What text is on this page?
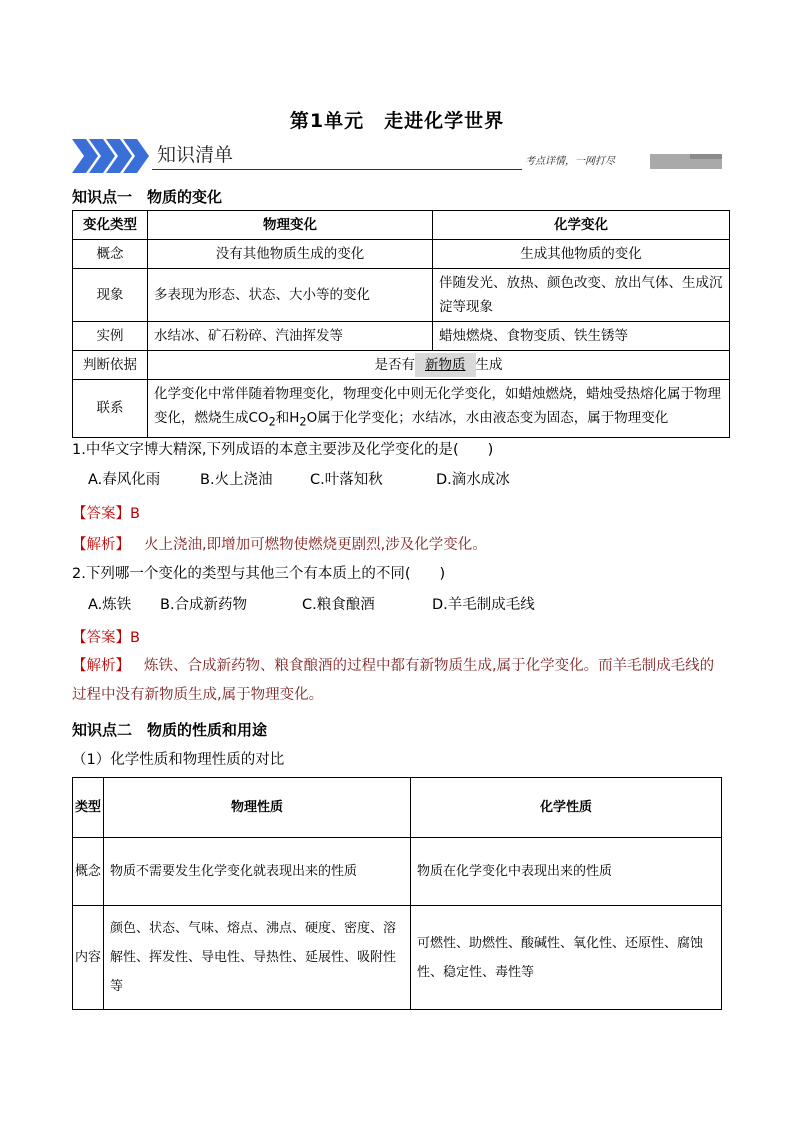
第1单元　走进化学世界
知识清单	考点详情，一网打尽
知识点一　物质的变化
变化类型	物理变化	化学变化
概念	没有其他物质生成的变化	生成其他物质的变化
现象	多表现为形态、状态、大小等的变化	伴随发光、放热、颜色改变、放出气体、生成沉淀等现象
实例	水结冰、矿石粉碎、汽油挥发等	蜡烛燃烧、食物变质、铁生锈等
判断依据	是否有 新物质 生成	
联系	化学变化中常伴随着物理变化，物理变化中则无化学变化，如蜡烛燃烧，蜡烛受热熔化属于物理变化，燃烧生成$CO_2$和$H_2O$属于化学变化；水结冰，水由液态变为固态，属于物理变化	
1.中华文字博大精深,下列成语的本意主要涉及化学变化的是(　　)
A.春风化雨	B.火上浇油	C.叶落知秋	D.滴水成冰
【答案】B
【解析】 火上浇油,即增加可燃物使燃烧更剧烈,涉及化学变化。
2.下列哪一个变化的类型与其他三个有本质上的不同(　　)
A.炼铁 B.合成新药物	C.粮食酿酒	D.羊毛制成毛线
【答案】B
【解析】 炼铁、合成新药物、粮食酿酒的过程中都有新物质生成,属于化学变化。而羊毛制成毛线的过程中没有新物质生成,属于物理变化。
知识点二　物质的性质和用途
（1）化学性质和物理性质的对比
类型	物理性质	化学性质
概念	物质不需要发生化学变化就表现出来的性质	物质在化学变化中表现出来的性质
内容	颜色、状态、气味、熔点、沸点、硬度、密度、溶解性、挥发性、导电性、导热性、延展性、吸附性等	可燃性、助燃性、酸碱性、氧化性、还原性、腐蚀性、稳定性、毒性等
